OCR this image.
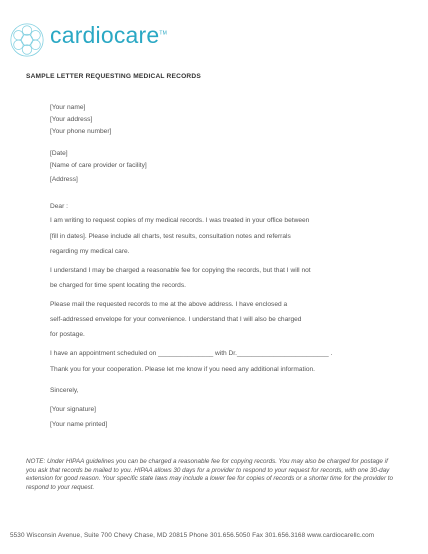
cardiocare™
SAMPLE LETTER REQUESTING MEDICAL RECORDS
[Your name]
[Your address]
[Your phone number]
[Date]
[Name of care provider or facility]
[Address]
Dear :
I am writing to request copies of my medical records. I was treated in your office between
[fill in dates]. Please include all charts, test results, consultation notes and referrals
regarding my medical care.
I understand I may be charged a reasonable fee for copying the records, but that I will not
be charged for time spent locating the records.
Please mail the requested records to me at the above address. I have enclosed a
self-addressed envelope for your convenience. I understand that I will also be charged
for postage.
I have an appointment scheduled on _______________ with Dr._________________________ .
Thank you for your cooperation. Please let me know if you need any additional information.
Sincerely,
[Your signature]
[Your name printed]
NOTE: Under HIPAA guidelines you can be charged a reasonable fee for copying records. You may also be charged for postage if you ask that records be mailed to you. HIPAA allows 30 days for a provider to respond to your request for records, with one 30-day extension for good reason. Your specific state laws may include a lower fee for copies of records or a shorter time for the provider to respond to your request.
5530 Wisconsin Avenue, Suite 700 Chevy Chase, MD 20815 Phone 301.656.5050 Fax 301.656.3168 www.cardiocarellc.com
